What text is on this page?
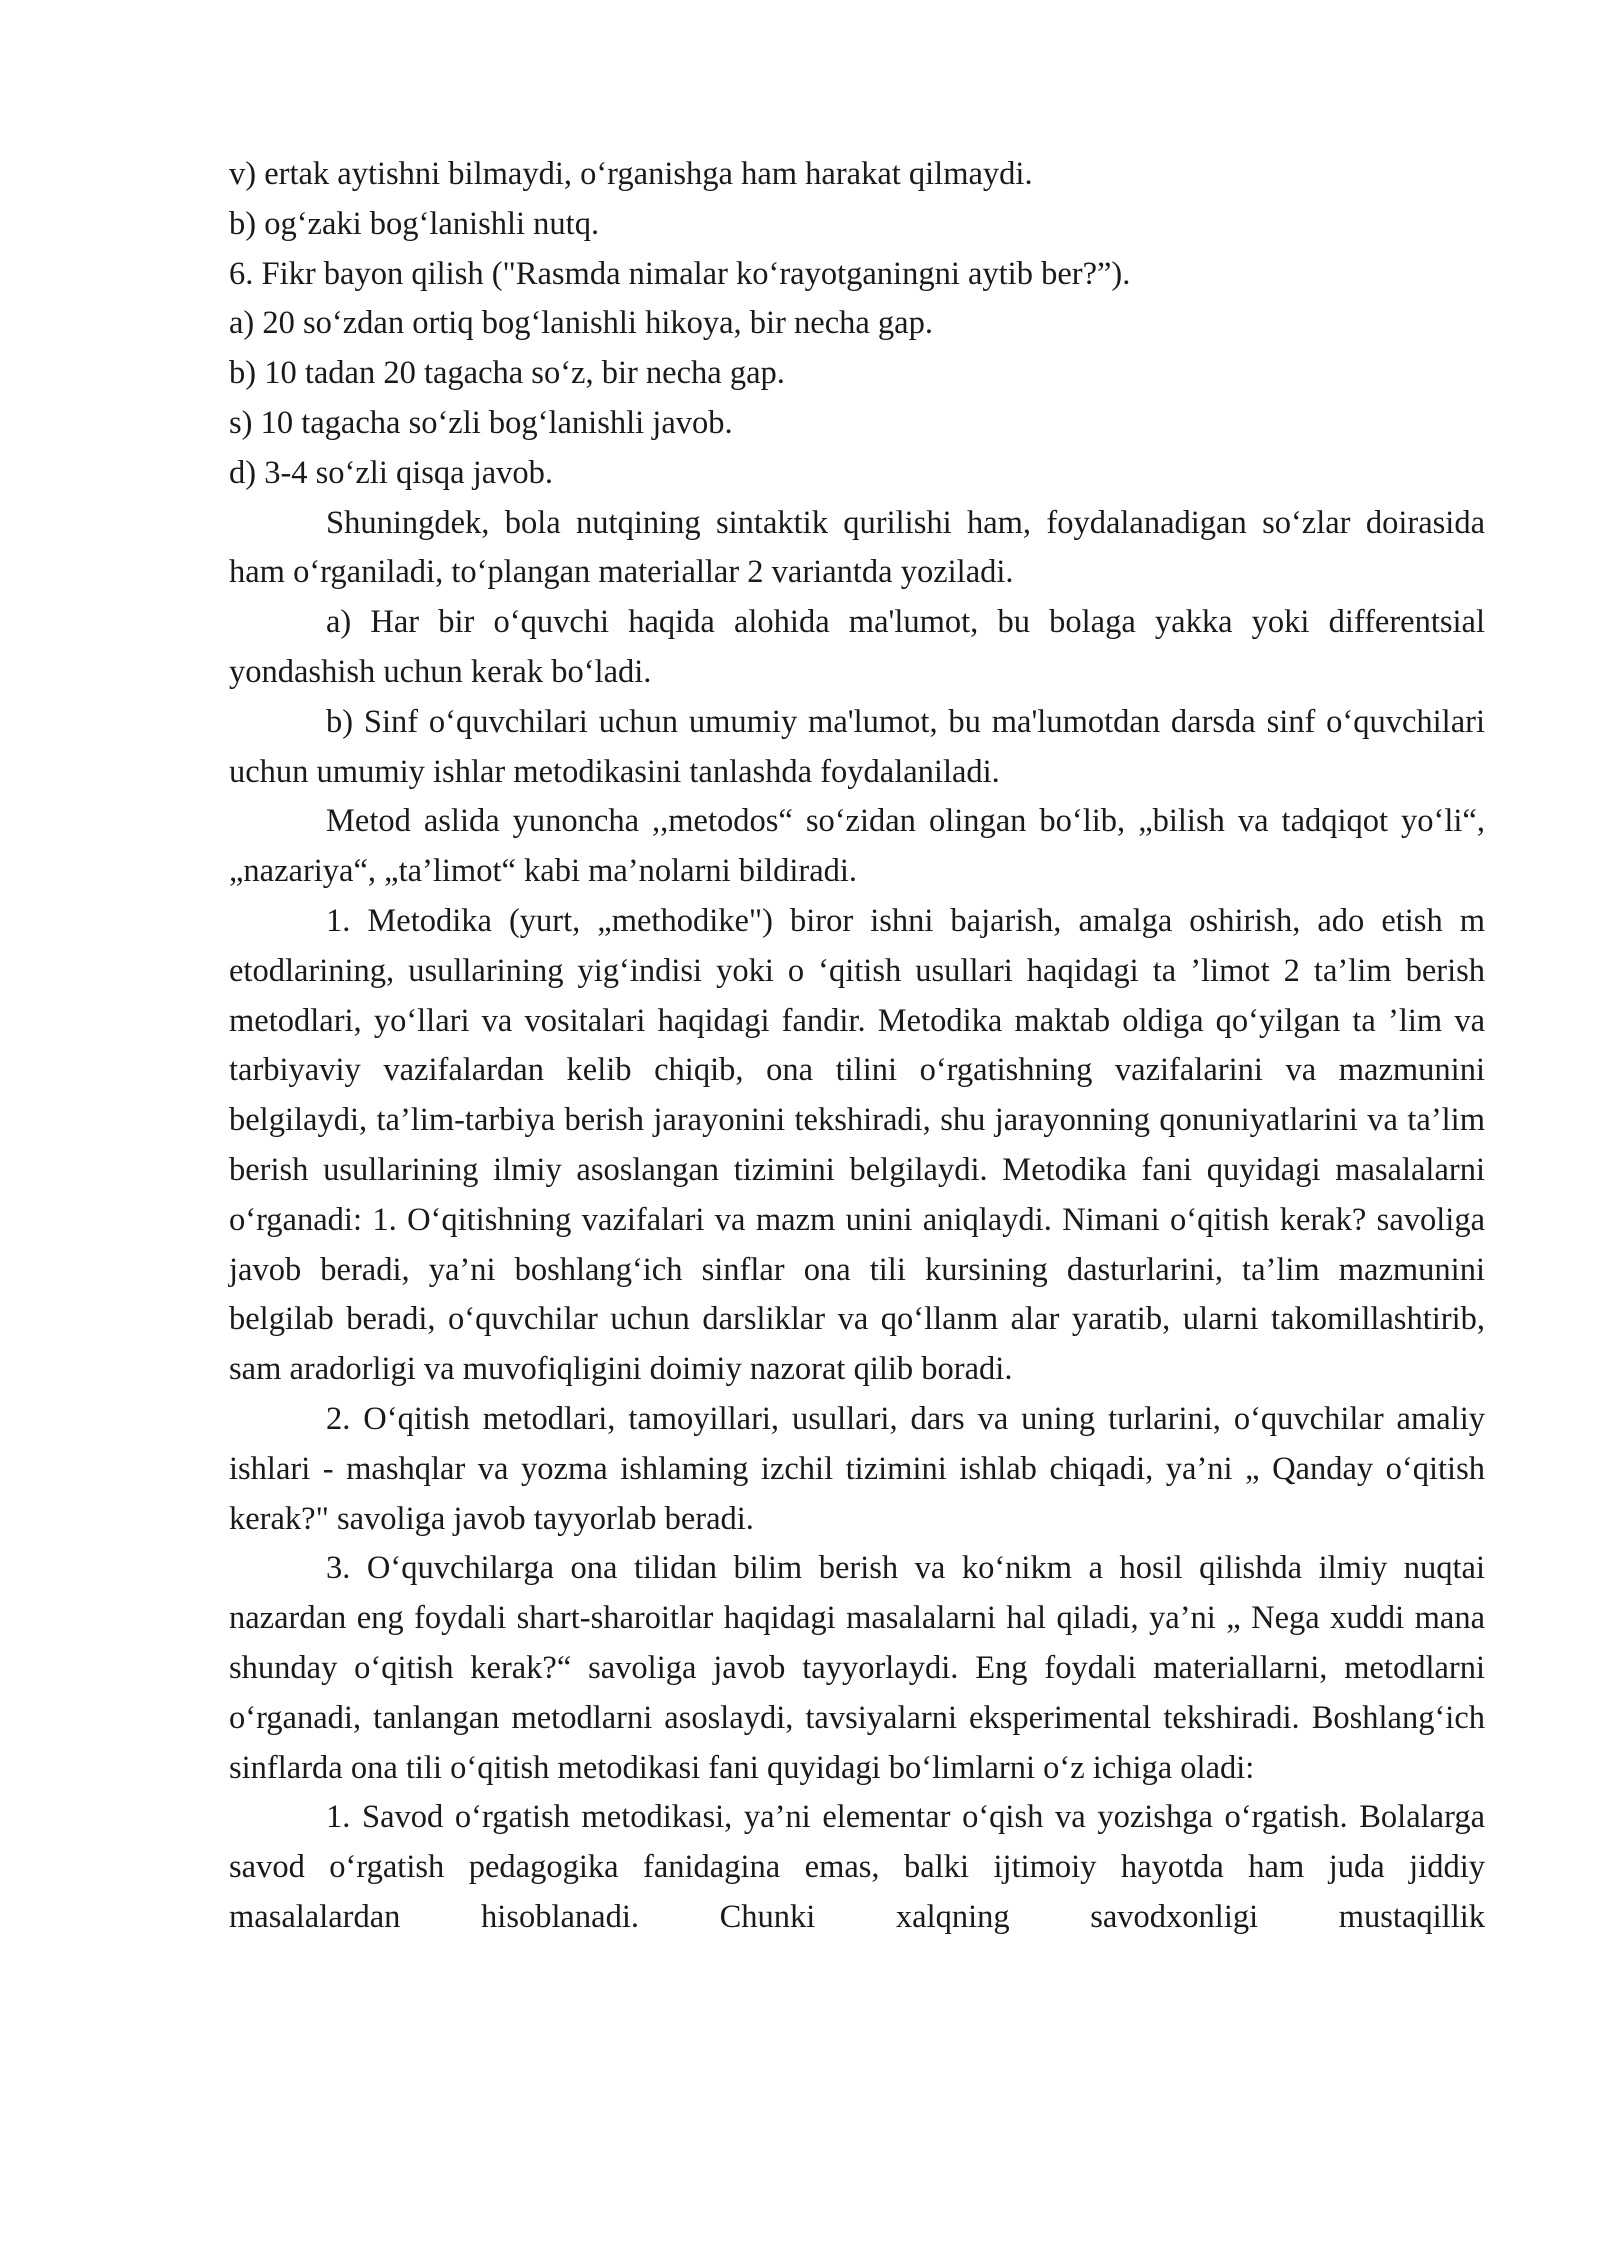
v) ertak aytishni bilmaydi, o‘rganishga ham harakat qilmaydi.

b) og‘zaki bog‘lanishli nutq.

6. Fikr bayon qilish ("Rasmda nimalar ko‘rayotganingni aytib ber?”).

a) 20 so‘zdan ortiq bog‘lanishli hikoya, bir necha gap.

b) 10 tadan 20 tagacha so‘z, bir necha gap.

s) 10 tagacha so‘zli bog‘lanishli javob.

d) 3-4 so‘zli qisqa javob.

Shuningdek, bola nutqining sintaktik qurilishi ham, foydalanadigan so‘zlar doirasida ham o‘rganiladi, to‘plangan materiallar 2 variantda yoziladi.

a) Har bir o‘quvchi haqida alohida ma'lumot, bu bolaga yakka yoki differentsial yondashish uchun kerak bo‘ladi.

b) Sinf o‘quvchilari uchun umumiy ma'lumot, bu ma'lumotdan darsda sinf o‘quvchilari uchun umumiy ishlar metodikasini tanlashda foydalaniladi.

Metod aslida yunoncha ,,metodos“ so‘zidan olingan bo‘lib, „bilish va tadqiqot yo‘li“, „nazariya“, „ta’limot“ kabi ma’nolarni bildiradi.

1. Metodika (yurt, „methodike") biror ishni bajarish, amalga oshirish, ado etish m etodlarining, usullarining yig‘indisi yoki o ‘qitish usullari haqidagi ta ’limot 2 ta’lim berish metodlari, yo‘llari va vositalari haqidagi fandir. Metodika maktab oldiga qo‘yilgan ta ’lim va tarbiyaviy vazifalardan kelib chiqib, ona tilini o‘rgatishning vazifalarini va mazmunini belgilaydi, ta’lim-tarbiya berish jarayonini tekshiradi, shu jarayonning qonuniyatlarini va ta’lim berish usullarining ilmiy asoslangan tizimini belgilaydi. Metodika fani quyidagi masalalarni o‘rganadi: 1. O‘qitishning vazifalari va mazm unini aniqlaydi. Nimani o‘qitish kerak? savoliga javob beradi, ya’ni boshlang‘ich sinflar ona tili kursining dasturlarini, ta’lim mazmunini belgilab beradi, o‘quvchilar uchun darsliklar va qo‘llanm alar yaratib, ularni takomillashtirib, sam aradorligi va muvofiqligini doimiy nazorat qilib boradi.

2. O‘qitish metodlari, tamoyillari, usullari, dars va uning turlarini, o‘quvchilar amaliy ishlari - mashqlar va yozma ishlaming izchil tizimini ishlab chiqadi, ya’ni „ Qanday o‘qitish kerak?" savoliga javob tayyorlab beradi.

3. O‘quvchilarga ona tilidan bilim berish va ko‘nikm a hosil qilishda ilmiy nuqtai nazardan eng foydali shart-sharoitlar haqidagi masalalarni hal qiladi, ya’ni „ Nega xuddi mana shunday o‘qitish kerak?“ savoliga javob tayyorlaydi. Eng foydali materiallarni, metodlarni o‘rganadi, tanlangan metodlarni asoslaydi, tavsiyalarni eksperimental tekshiradi. Boshlang‘ich sinflarda ona tili o‘qitish metodikasi fani quyidagi bo‘limlarni o‘z ichiga oladi:

1. Savod o‘rgatish metodikasi, ya’ni elementar o‘qish va yozishga o‘rgatish. Bolalarga savod o‘rgatish pedagogika fanidagina emas, balki ijtimoiy hayotda ham juda jiddiy masalalardan hisoblanadi. Chunki xalqning savodxonligi mustaqillik
